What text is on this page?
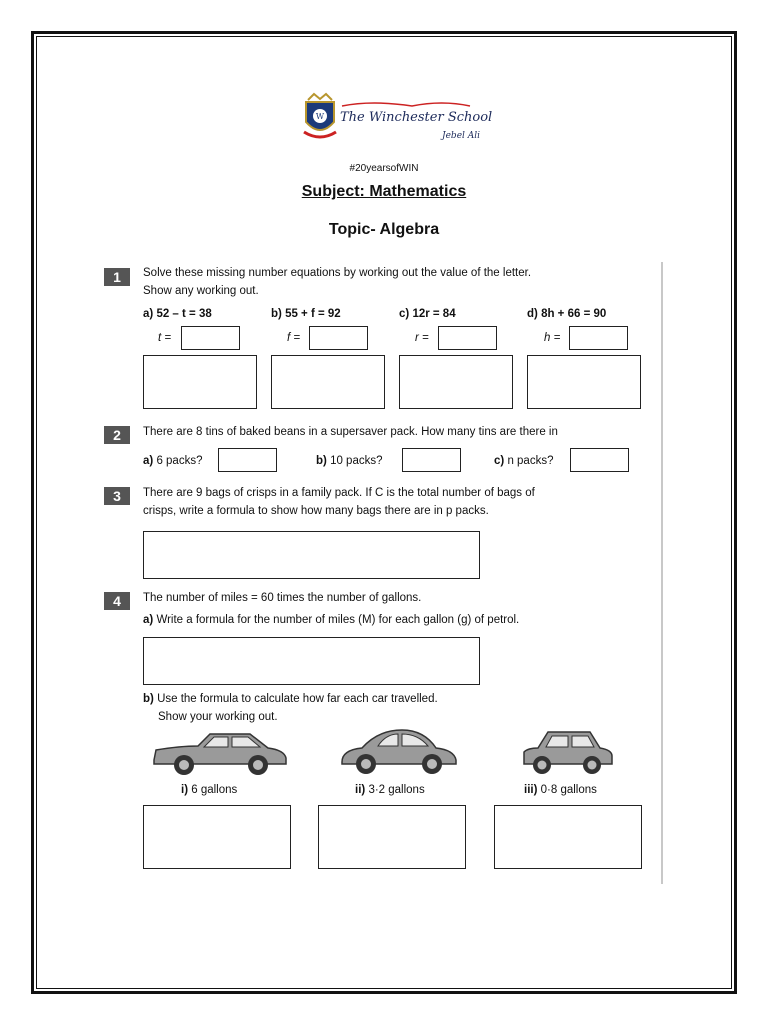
W The Winchester School
Jebel Ali
#20yearsofWIN
Subject: Mathematics
Topic- Algebra
1	Solve these missing number equations by working out the value of the letter.
Show any working out.
a) 52 – t = 38	b) 55 + f = 92	c) 12r = 84	d) 8h + 66 = 90
t =	f =	r =	h =
2	There are 8 tins of baked beans in a supersaver pack. How many tins are there in
a) 6 packs?	b) 10 packs?	c) n packs?
3	There are 9 bags of crisps in a family pack. If C is the total number of bags of
crisps, write a formula to show how many bags there are in p packs.
4	The number of miles = 60 times the number of gallons.
a) Write a formula for the number of miles (M) for each gallon (g) of petrol.
b) Use the formula to calculate how far each car travelled.
Show your working out.
i) 6 gallons	ii) 3·2 gallons	iii) 0·8 gallons
